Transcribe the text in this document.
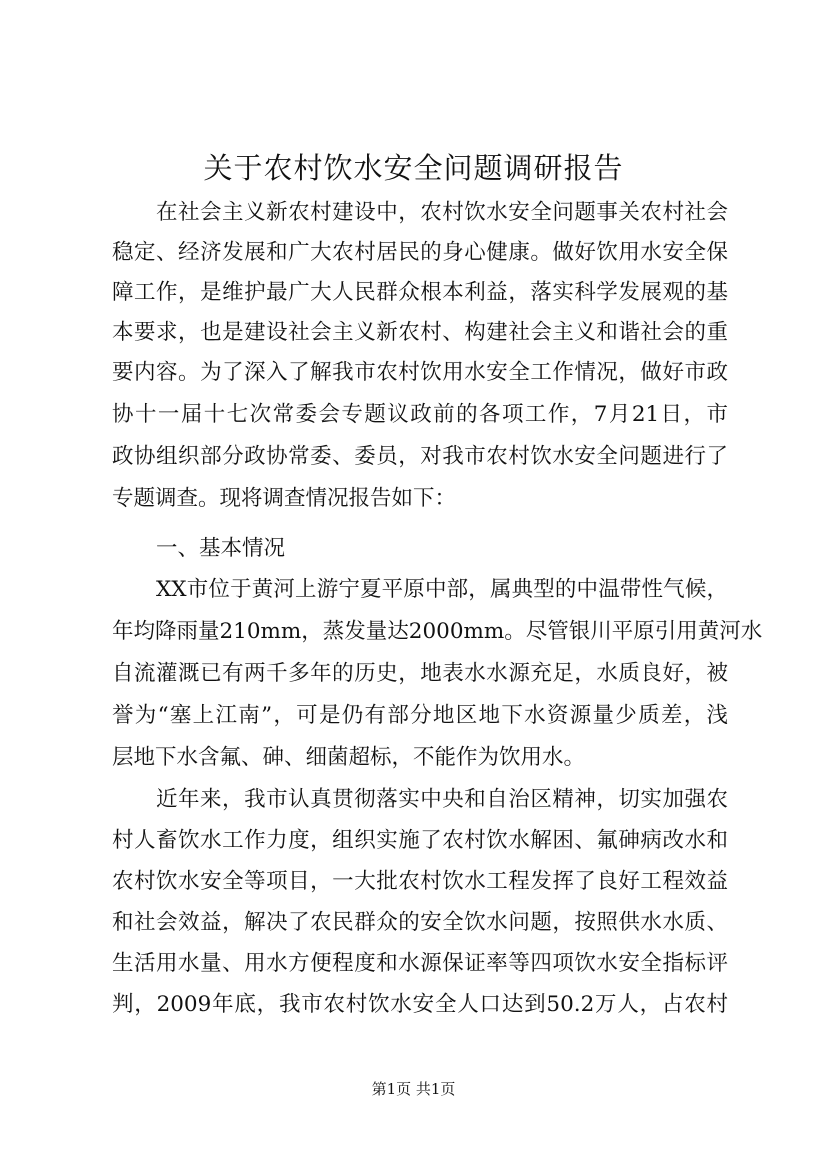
关于农村饮水安全问题调研报告
在社会主义新农村建设中，农村饮水安全问题事关农村社会
稳定、经济发展和广大农村居民的身心健康。做好饮用水安全保
障工作，是维护最广大人民群众根本利益，落实科学发展观的基
本要求，也是建设社会主义新农村、构建社会主义和谐社会的重
要内容。为了深入了解我市农村饮用水安全工作情况，做好市政
协十一届十七次常委会专题议政前的各项工作，7月21日，市
政协组织部分政协常委、委员，对我市农村饮水安全问题进行了
专题调查。现将调查情况报告如下：
一、基本情况
XX市位于黄河上游宁夏平原中部，属典型的中温带性气候，
年均降雨量210mm，蒸发量达2000mm。尽管银川平原引用黄河水
自流灌溉已有两千多年的历史，地表水水源充足，水质良好，被
誉为“塞上江南”，可是仍有部分地区地下水资源量少质差，浅
层地下水含氟、砷、细菌超标，不能作为饮用水。
近年来，我市认真贯彻落实中央和自治区精神，切实加强农
村人畜饮水工作力度，组织实施了农村饮水解困、氟砷病改水和
农村饮水安全等项目，一大批农村饮水工程发挥了良好工程效益
和社会效益，解决了农民群众的安全饮水问题，按照供水水质、
生活用水量、用水方便程度和水源保证率等四项饮水安全指标评
判，2009年底，我市农村饮水安全人口达到50.2万人，占农村
第1页 共1页
